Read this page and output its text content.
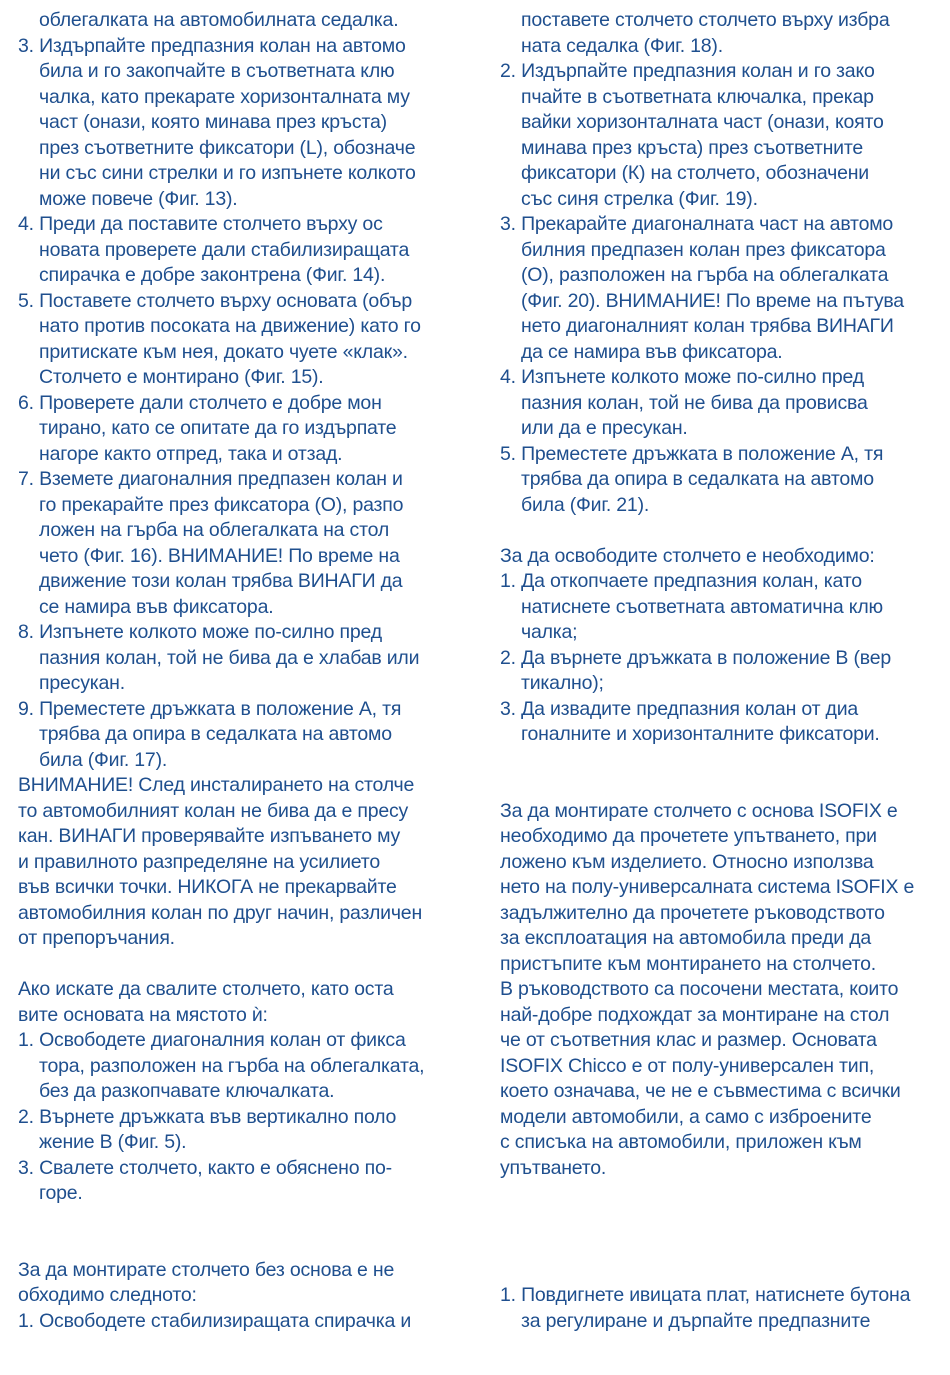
облегалката на автомобилната седалка.
3. Издърпайте предпазния колан на автомо
била и го закопчайте в съответната клю
чалка, като прекарате хоризонталната му
част (онази, която минава през кръста)
през съответните фиксатори (L), обозначе
ни със сини стрелки и го изпънете колкото
може повече (Фиг. 13).
4. Преди да поставите столчето върху ос
новата проверете дали стабилизиращата
спирачка е добре законтрена (Фиг. 14).
5. Поставете столчето върху основата (обър
нато против посоката на движение) като го
притискате към нея, докато чуете «клак».
Столчето е монтирано (Фиг. 15).
6. Проверете дали столчето е добре мон
тирано, като се опитате да го издърпате
нагоре както отпред, така и отзад.
7. Вземете диагоналния предпазен колан и
го прекарайте през фиксатора (O), разпо
ложен на гърба на облегалката на стол
чето (Фиг. 16). ВНИМАНИЕ! По време на
движение този колан трябва ВИНАГИ да
се намира във фиксатора.
8. Изпънете колкото може по-силно пред
пазния колан, той не бива да е хлабав или
пресукан.
9. Преместете дръжката в положение А, тя
трябва да опира в седалката на автомо
била (Фиг. 17).
ВНИМАНИЕ! След инсталирането на столче
то автомобилният колан не бива да е пресу
кан. ВИНАГИ проверявайте изпъването му
и правилното разпределяне на усилието
във всички точки. НИКОГА не прекарвайте
автомобилния колан по друг начин, различен
от препоръчания.
Ако искате да свалите столчето, като оста
вите основата на мястото ѝ:
1. Освободете диагоналния колан от фикса
тора, разположен на гърба на облегалката,
без да разкопчавате ключалката.
2. Върнете дръжката във вертикално поло
жение В (Фиг. 5).
3. Свалете столчето, както е обяснено по-
горе.
За да монтирате столчето без основа е не
обходимо следното:
1. Освободете стабилизиращата спирачка и
поставете столчето столчето върху избра
ната седалка (Фиг. 18).
2. Издърпайте предпазния колан и го зако
пчайте в съответната ключалка, прекар
вайки хоризонталната част (онази, която
минава през кръста) през съответните
фиксатори (К) на столчето, обозначени
със синя стрелка (Фиг. 19).
3. Прекарайте диагоналната част на автомо
билния предпазен колан през фиксатора
(О), разположен на гърба на облегалката
(Фиг. 20). ВНИМАНИЕ! По време на пътува
нето диагоналният колан трябва ВИНАГИ
да се намира във фиксатора.
4. Изпънете колкото може по-силно пред
пазния колан, той не бива да провисва
или да е пресукан.
5. Преместете дръжката в положение А, тя
трябва да опира в седалката на автомо
била (Фиг. 21).
За да освободите столчето е необходимо:
1. Да откопчаете предпазния колан, като
натиснете съответната автоматична клю
чалка;
2. Да върнете дръжката в положение В (вер
тикално);
3. Да извадите предпазния колан от диа
гоналните и хоризонталните фиксатори.
За да монтирате столчето с основа ISOFIX е
необходимо да прочетете упътването, при
ложено към изделието. Относно използва
нето на полу-универсалната система ISOFIX е
задължително да прочетете ръководството
за експлоатация на автомобила преди да
пристъпите към монтирането на столчето.
В ръководството са посочени местата, които
най-добре подхождат за монтиране на стол
че от съответния клас и размер. Основата
ISOFIX Chicco е от полу-универсален тип,
което означава, че не е съвместима с всички
модели автомобили, а само с изброените
с списъка на автомобили, приложен към
упътването.
1. Повдигнете ивицата плат, натиснете бутона
за регулиране и дърпайте предпазните
